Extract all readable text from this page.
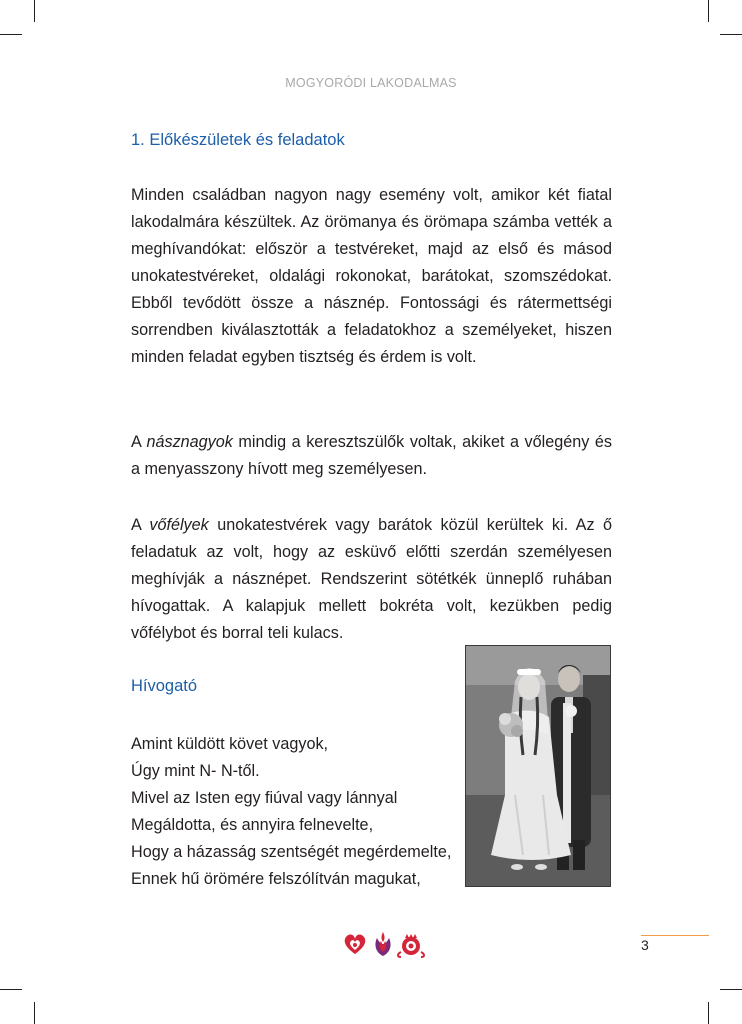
MOGYORÓDI LAKODALMAS
1. Előkészületek és feladatok

Minden családban nagyon nagy esemény volt, amikor két fiatal lakodalmára készültek. Az örömanya és örömapa számba vették a meghívandókat: először a testvéreket, majd az első és másod unokatestvéreket, oldalági rokonokat, barátokat, szomszédokat. Ebből tevődött össze a násznép. Fontossági és rátermettségi sorrendben kiválasztották a feladatokhoz a személyeket, hiszen minden feladat egyben tisztség és érdem is volt.

A násznagyok mindig a keresztszülők voltak, akiket a vőlegény és a menyasszony hívott meg személyesen.

A vőfélyek unokatestvérek vagy barátok közül kerültek ki. Az ő feladatuk az volt, hogy az esküvő előtti szerdán személyesen meghívják a násznépet. Rendszerint sötétkék ünneplő ruhában hívogattak. A kalapjuk mellett bokréta volt, kezükben pedig vőfélybot és borral teli kulacs.

Hívogató
Amint küldött követ vagyok,
Úgy mint N- N-től.
Mivel az Isten egy fiúval vagy lánnyal
Megáldotta, és annyira felnevelte,
Hogy a házasság szentségét megérdemelte,
Ennek hű örömére felszólítván magukat,
3
